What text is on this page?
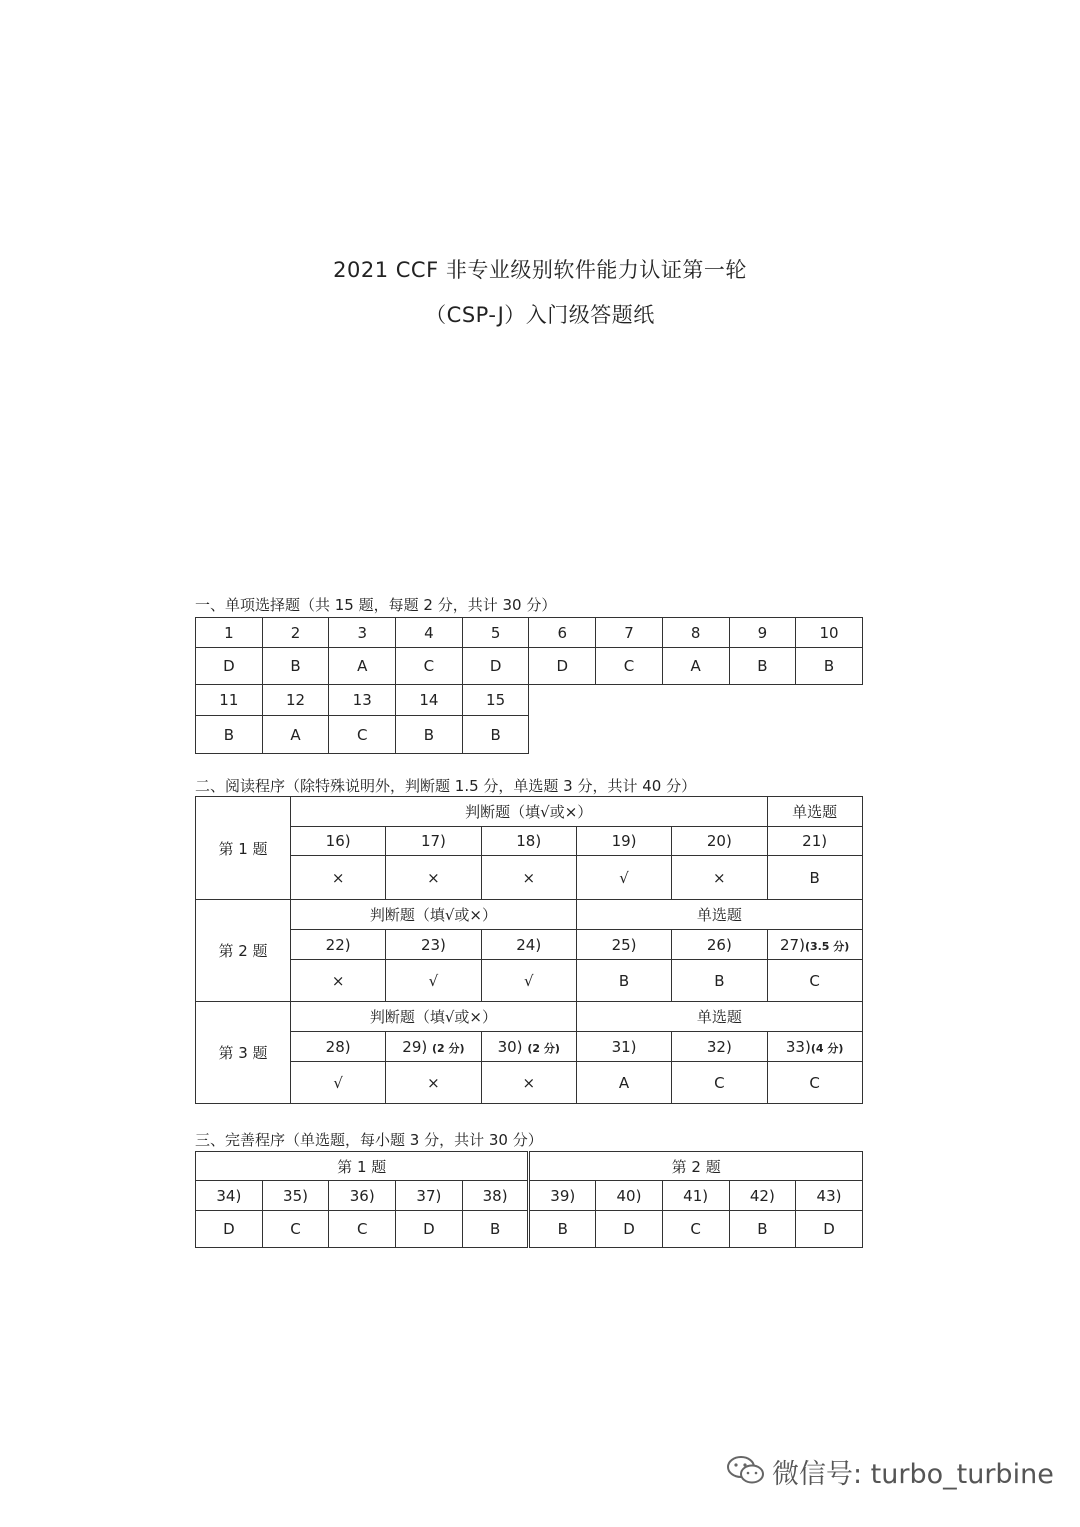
2021 CCF 非专业级别软件能力认证第一轮
（CSP-J）入门级答题纸
一、单项选择题（共 15 题，每题 2 分，共计 30 分）
1	2	3	4	5	6	7	8	9	10
D	B	A	C	D	D	C	A	B	B
11	12	13	14	15
B	A	C	B	B
二、阅读程序（除特殊说明外，判断题 1.5 分，单选题 3 分，共计 40 分）
第 1 题	判断题（填√或×）					单选题
	16)	17)	18)	19)	20)	21)
	×	×	×	√	×	B
第 2 题	判断题（填√或×）			单选题		
	22)	23)	24)	25)	26)	27)(3.5 分)
	×	√	√	B	B	C
第 3 题	判断题（填√或×）			单选题		
	28)	29) (2 分)	30) (2 分)	31)	32)	33)(4 分)
	√	×	×	A	C	C
三、完善程序（单选题，每小题 3 分，共计 30 分）
第 1 题					第 2 题				
34)	35)	36)	37)	38)	39)	40)	41)	42)	43)
D	C	C	D	B	B	D	C	B	D
微信号: turbo_turbine
